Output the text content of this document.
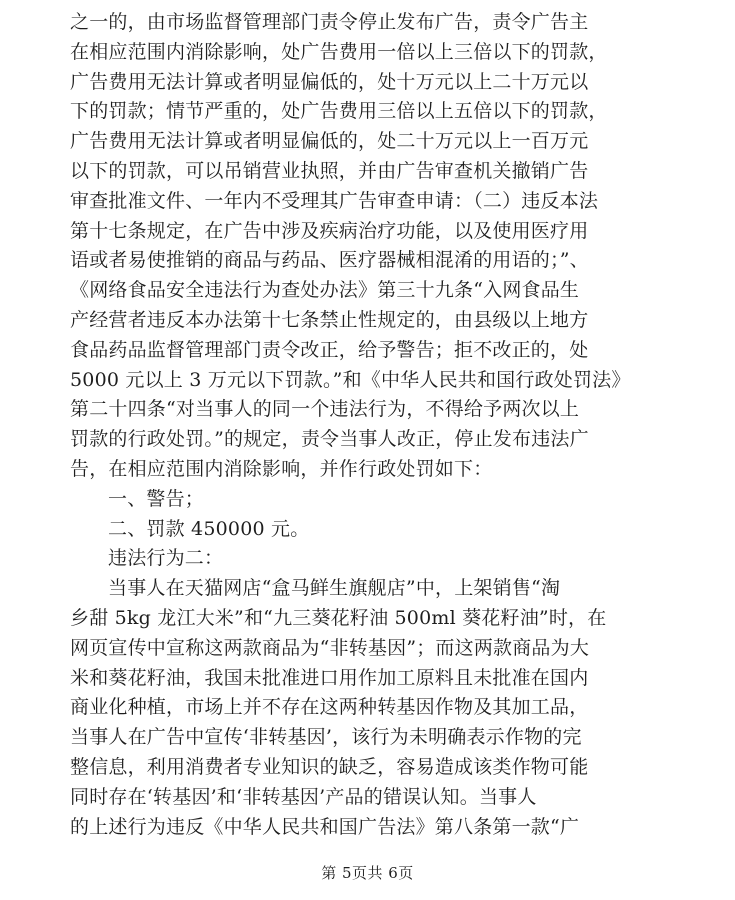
之一的，由市场监督管理部门责令停止发布广告，责令广告主
在相应范围内消除影响，处广告费用一倍以上三倍以下的罚款，
广告费用无法计算或者明显偏低的，处十万元以上二十万元以
下的罚款；情节严重的，处广告费用三倍以上五倍以下的罚款，
广告费用无法计算或者明显偏低的，处二十万元以上一百万元
以下的罚款，可以吊销营业执照，并由广告审查机关撤销广告
审查批准文件、一年内不受理其广告审查申请：（二）违反本法
第十七条规定，在广告中涉及疾病治疗功能，以及使用医疗用
语或者易使推销的商品与药品、医疗器械相混淆的用语的；”、
《网络食品安全违法行为查处办法》第三十九条“入网食品生
产经营者违反本办法第十七条禁止性规定的，由县级以上地方
食品药品监督管理部门责令改正，给予警告；拒不改正的，处
5000 元以上 3 万元以下罚款。”和《中华人民共和国行政处罚法》
第二十四条“对当事人的同一个违法行为，不得给予两次以上
罚款的行政处罚。”的规定，责令当事人改正，停止发布违法广
告，在相应范围内消除影响，并作行政处罚如下：
一、警告；
二、罚款 450000 元。
违法行为二：
当事人在天猫网店“盒马鲜生旗舰店”中，上架销售“淘
乡甜 5kg 龙江大米”和“九三葵花籽油 500ml 葵花籽油”时，在
网页宣传中宣称这两款商品为“非转基因”；而这两款商品为大
米和葵花籽油，我国未批准进口用作加工原料且未批准在国内
商业化种植，市场上并不存在这两种转基因作物及其加工品，
当事人在广告中宣传‘非转基因’，该行为未明确表示作物的完
整信息，利用消费者专业知识的缺乏，容易造成该类作物可能
同时存在‘转基因’和‘非转基因’产品的错误认知。当事人
的上述行为违反《中华人民共和国广告法》第八条第一款“广
第 5页共 6页
